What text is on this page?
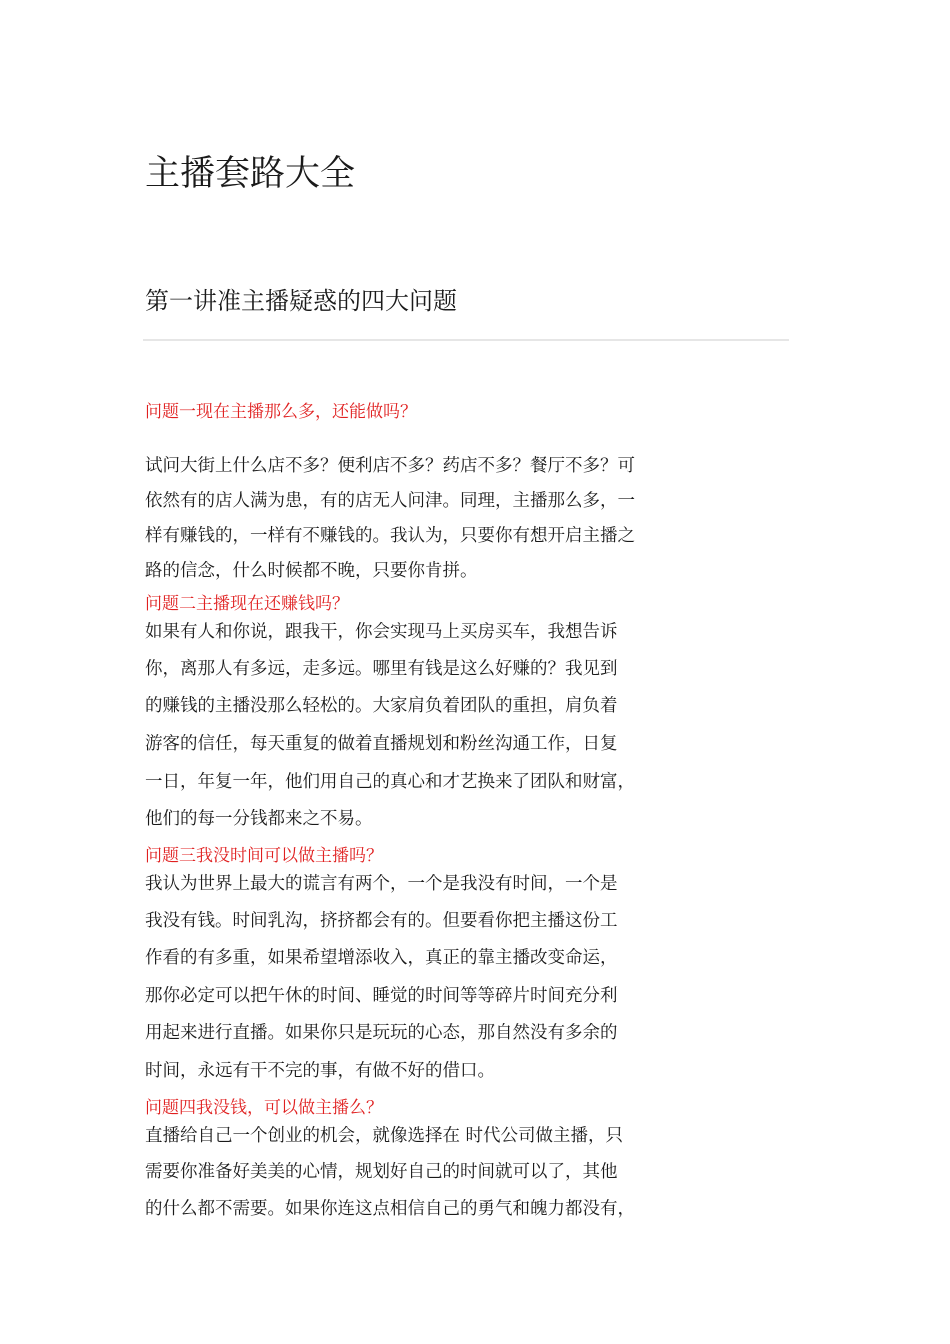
主播套路大全
第一讲准主播疑惑的四大问题

问题一现在主播那么多，还能做吗？

试问大街上什么店不多？便利店不多？药店不多？餐厅不多？可

依然有的店人满为患，有的店无人问津。同理，主播那么多，一

样有赚钱的，一样有不赚钱的。我认为，只要你有想开启主播之

路的信念，什么时候都不晚，只要你肯拼。

问题二主播现在还赚钱吗？

如果有人和你说，跟我干，你会实现马上买房买车，我想告诉

你，离那人有多远，走多远。哪里有钱是这么好赚的？我见到

的赚钱的主播没那么轻松的。大家肩负着团队的重担，肩负着

游客的信任，每天重复的做着直播规划和粉丝沟通工作，日复

一日，年复一年，他们用自己的真心和才艺换来了团队和财富，

他们的每一分钱都来之不易。

问题三我没时间可以做主播吗？

我认为世界上最大的谎言有两个，一个是我没有时间，一个是

我没有钱。时间乳沟，挤挤都会有的。但要看你把主播这份工

作看的有多重，如果希望增添收入，真正的靠主播改变命运，

那你必定可以把午休的时间、睡觉的时间等等碎片时间充分利

用起来进行直播。如果你只是玩玩的心态，那自然没有多余的

时间，永远有干不完的事，有做不好的借口。

问题四我没钱，可以做主播么？

直播给自己一个创业的机会，就像选择在 时代公司做主播，只

需要你准备好美美的心情，规划好自己的时间就可以了，其他

的什么都不需要。如果你连这点相信自己的勇气和魄力都没有，
